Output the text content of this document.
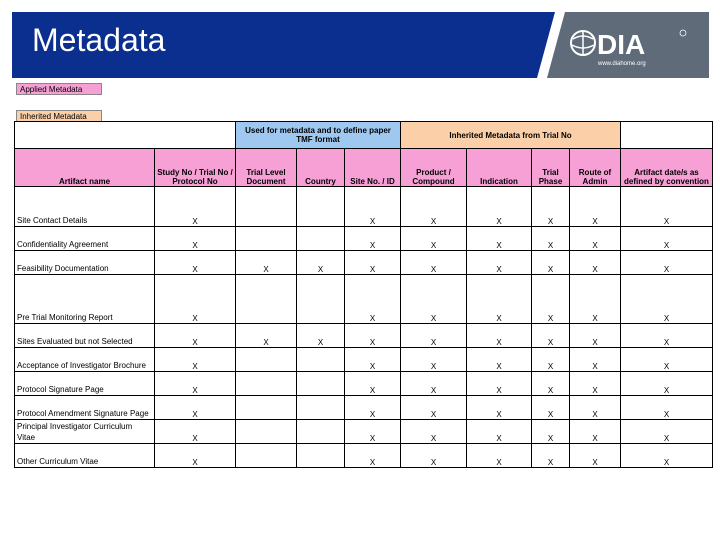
Metadata	DIA
www.diahome.org
Applied Metadata
Inherited Metadata
		Used for metadata and to define paper TMF format			Inherited Metadata from Trial No				
Artifact name	Study No / Trial No / Protocol No	Trial Level Document	Country	Site No. / ID	Product / Compound	Indication	Trial Phase	Route of Admin	Artifact date/s as defined by convention
Site Contact Details	X			X	X	X	X	X	X
Confidentiality Agreement	X			X	X	X	X	X	X
Feasibility Documentation	X	X	X	X	X	X	X	X	X
Pre Trial Monitoring Report	X			X	X	X	X	X	X
Sites Evaluated but not Selected	X	X	X	X	X	X	X	X	X
Acceptance of Investigator Brochure	X			X	X	X	X	X	X
Protocol Signature Page	X			X	X	X	X	X	X
Protocol Amendment Signature Page	X			X	X	X	X	X	X
Principal Investigator Curriculum Vitae	X			X	X	X	X	X	X
Other Curriculum Vitae	X			X	X	X	X	X	X
